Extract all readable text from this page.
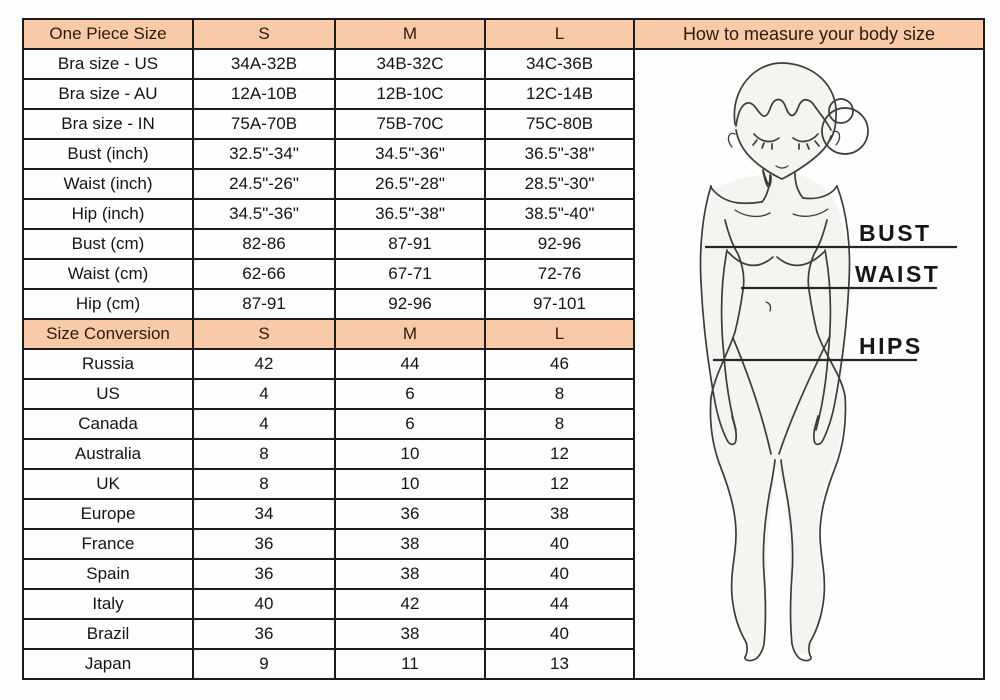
How to measure your body size
BUST
WAIST
HIPS
One Piece Size	S	M	L
Bra size - US	34A-32B	34B-32C	34C-36B
Bra size - AU	12A-10B	12B-10C	12C-14B
Bra size - IN	75A-70B	75B-70C	75C-80B
Bust (inch)	32.5"-34"	34.5"-36"	36.5"-38"
Waist (inch)	24.5"-26"	26.5"-28"	28.5"-30"
Hip (inch)	34.5"-36"	36.5"-38"	38.5"-40"
Bust (cm)	82-86	87-91	92-96
Waist (cm)	62-66	67-71	72-76
Hip (cm)	87-91	92-96	97-101
Size Conversion	S	M	L
Russia	42	44	46
US	4	6	8
Canada	4	6	8
Australia	8	10	12
UK	8	10	12
Europe	34	36	38
France	36	38	40
Spain	36	38	40
Italy	40	42	44
Brazil	36	38	40
Japan	9	11	13
